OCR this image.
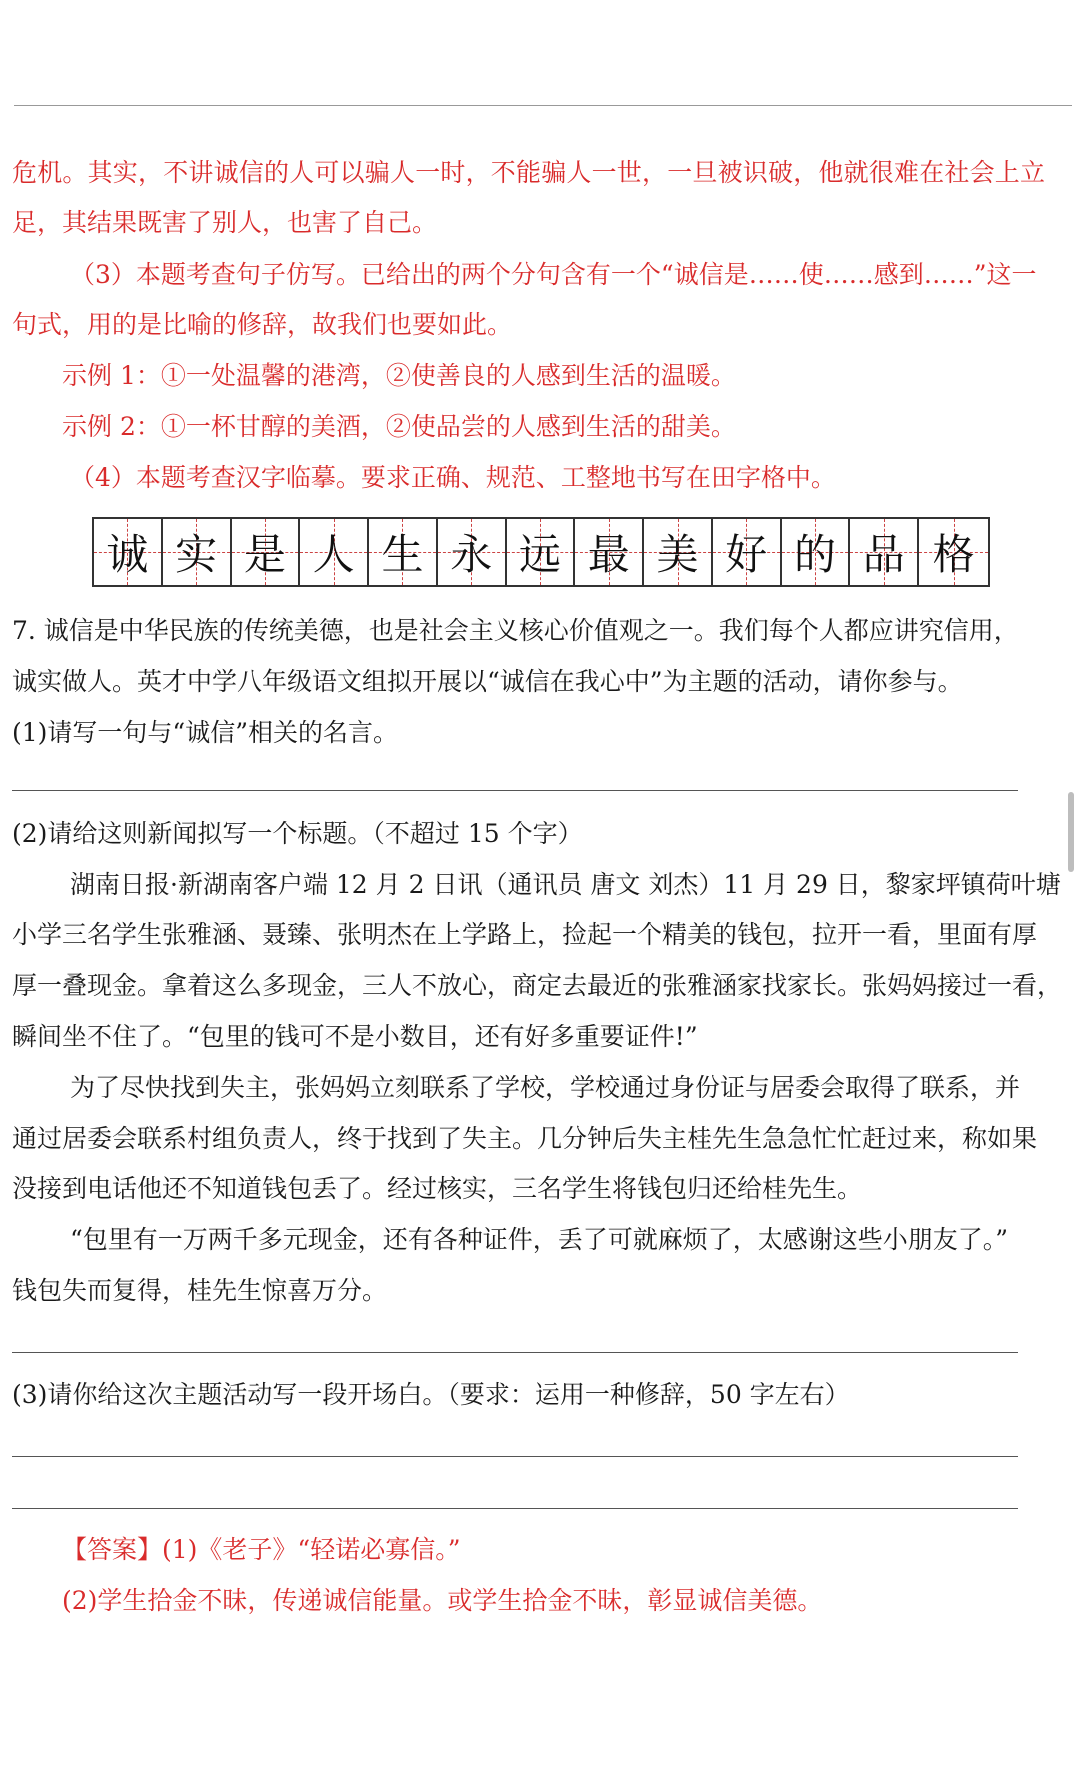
危机。其实，不讲诚信的人可以骗人一时，不能骗人一世，一旦被识破，他就很难在社会上立
足，其结果既害了别人，也害了自己。
（3）本题考查句子仿写。已给出的两个分句含有一个“诚信是……使……感到……”这一
句式，用的是比喻的修辞，故我们也要如此。
示例 1：①一处温馨的港湾，②使善良的人感到生活的温暖。
示例 2：①一杯甘醇的美酒，②使品尝的人感到生活的甜美。
（4）本题考查汉字临摹。要求正确、规范、工整地书写在田字格中。
诚 实 是 人 生 永 远 最 美 好 的 品 格
7. 诚信是中华民族的传统美德，也是社会主义核心价值观之一。我们每个人都应讲究信用，
诚实做人。英才中学八年级语文组拟开展以“诚信在我心中”为主题的活动，请你参与。
(1)请写一句与“诚信”相关的名言。
(2)请给这则新闻拟写一个标题。（不超过 15 个字）
湖南日报·新湖南客户端 12 月 2 日讯（通讯员 唐文 刘杰）11 月 29 日，黎家坪镇荷叶塘
小学三名学生张雅涵、聂臻、张明杰在上学路上，捡起一个精美的钱包，拉开一看，里面有厚
厚一叠现金。拿着这么多现金，三人不放心，商定去最近的张雅涵家找家长。张妈妈接过一看，
瞬间坐不住了。“包里的钱可不是小数目，还有好多重要证件!”
为了尽快找到失主，张妈妈立刻联系了学校，学校通过身份证与居委会取得了联系，并
通过居委会联系村组负责人，终于找到了失主。几分钟后失主桂先生急急忙忙赶过来，称如果
没接到电话他还不知道钱包丢了。经过核实，三名学生将钱包归还给桂先生。
“包里有一万两千多元现金，还有各种证件，丢了可就麻烦了，太感谢这些小朋友了。”
钱包失而复得，桂先生惊喜万分。
(3)请你给这次主题活动写一段开场白。（要求：运用一种修辞，50 字左右）
【答案】(1)《老子》“轻诺必寡信。”
(2)学生拾金不昧，传递诚信能量。或学生拾金不昧，彰显诚信美德。
